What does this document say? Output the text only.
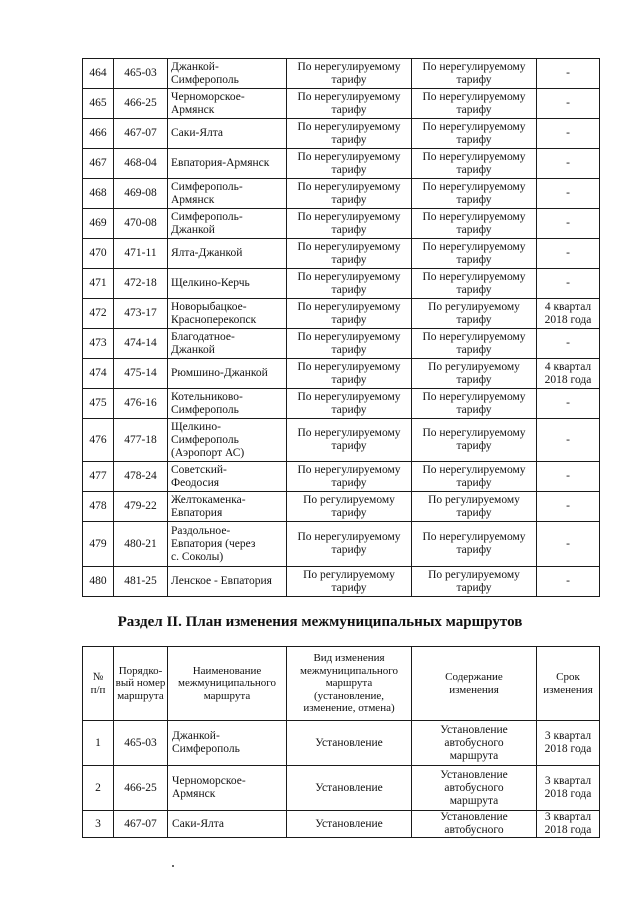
464	465-03	Джанкой-
Симферополь	По нерегулируемому
тарифу	По нерегулируемому
тарифу	-
465	466-25	Черноморское-
Армянск	По нерегулируемому
тарифу	По нерегулируемому
тарифу	-
466	467-07	Саки-Ялта	По нерегулируемому
тарифу	По нерегулируемому
тарифу	-
467	468-04	Евпатория-Армянск	По нерегулируемому
тарифу	По нерегулируемому
тарифу	-
468	469-08	Симферополь-
Армянск	По нерегулируемому
тарифу	По нерегулируемому
тарифу	-
469	470-08	Симферополь-
Джанкой	По нерегулируемому
тарифу	По нерегулируемому
тарифу	-
470	471-11	Ялта-Джанкой	По нерегулируемому
тарифу	По нерегулируемому
тарифу	-
471	472-18	Щелкино-Керчь	По нерегулируемому
тарифу	По нерегулируемому
тарифу	-
472	473-17	Новорыбацкое-
Краснoперекопск	По нерегулируемому
тарифу	По регулируемому
тарифу	4 квартал
2018 года
473	474-14	Благодатное-
Джанкой	По нерегулируемому
тарифу	По нерегулируемому
тарифу	-
474	475-14	Рюмшино-Джанкой	По нерегулируемому
тарифу	По регулируемому
тарифу	4 квартал
2018 года
475	476-16	Котельниково-
Симферополь	По нерегулируемому
тарифу	По нерегулируемому
тарифу	-
476	477-18	Щелкино-
Симферополь
(Аэропорт АС)	По нерегулируемому
тарифу	По нерегулируемому
тарифу	-
477	478-24	Советский-
Феодосия	По нерегулируемому
тарифу	По нерегулируемому
тарифу	-
478	479-22	Желтокаменка-
Евпатория	По регулируемому
тарифу	По регулируемому
тарифу	-
479	480-21	Раздольное-
Евпатория (через
с. Соколы)	По нерегулируемому
тарифу	По нерегулируемому
тарифу	-
480	481-25	Ленское - Евпатория	По регулируемому
тарифу	По регулируемому
тарифу	-
Раздел II. План изменения межмуниципальных маршрутов
№
п/п	Порядко-
вый номер
маршрута	Наименование
межмуниципального
маршрута	Вид изменения
межмуниципального
маршрута
(установление,
изменение, отмена)	Содержание
изменения	Срок
изменения
1	465-03	Джанкой-
Симферополь	Установление	Установление
автобусного
маршрута	3 квартал
2018 года
2	466-25	Черноморское-
Армянск	Установление	Установление
автобусного
маршрута	3 квартал
2018 года
3	467-07	Саки-Ялта	Установление	Установление
автобусного	3 квартал
2018 года
